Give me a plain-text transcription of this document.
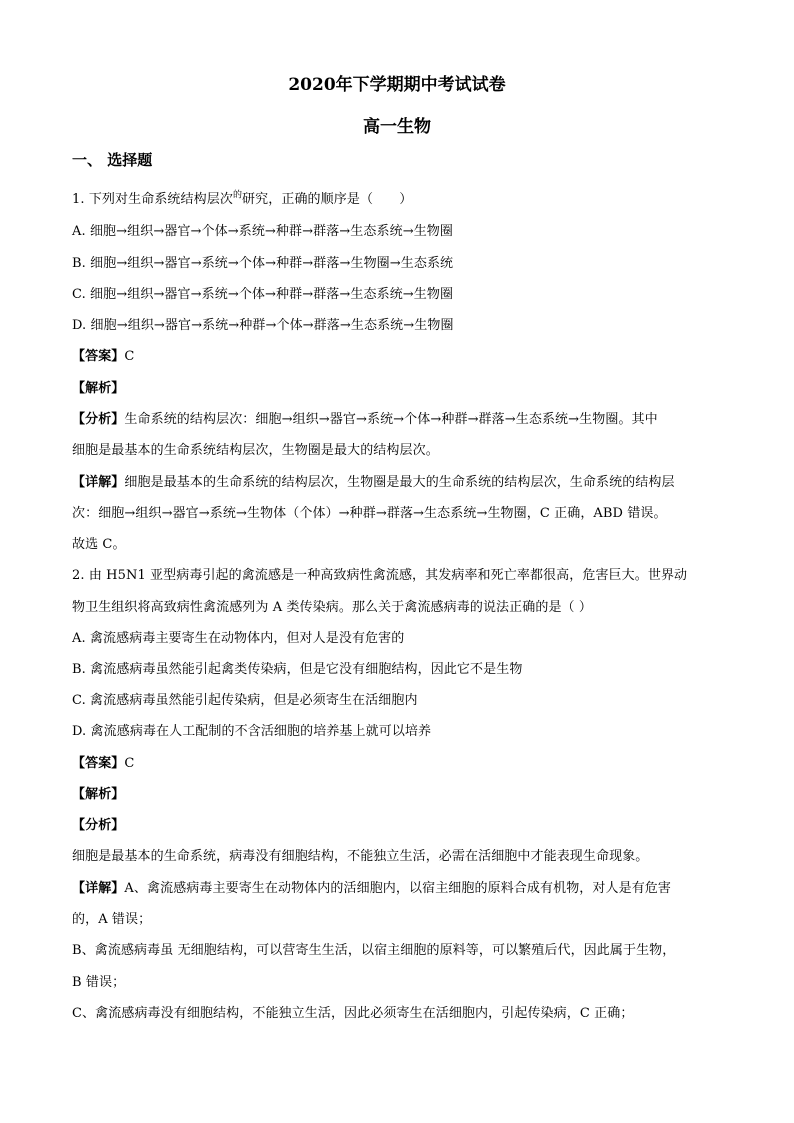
2020年下学期期中考试试卷
高一生物
一、 选择题
1. 下列对生命系统结构层次$^的$研究，正确的顺序是（　　）
A. 细胞→组织→器官→个体→系统→种群→群落→生态系统→生物圈
B. 细胞→组织→器官→系统→个体→种群→群落→生物圈→生态系统
C. 细胞→组织→器官→系统→个体→种群→群落→生态系统→生物圈
D. 细胞→组织→器官→系统→种群→个体→群落→生态系统→生物圈
【答案】C
【解析】
【分析】生命系统的结构层次：细胞→组织→器官→系统→个体→种群→群落→生态系统→生物圈。其中
细胞是最基本的生命系统结构层次，生物圈是最大的结构层次。
【详解】细胞是最基本的生命系统的结构层次，生物圈是最大的生命系统的结构层次，生命系统的结构层
次：细胞→组织→器官→系统→生物体（个体）→种群→群落→生态系统→生物圈，C 正确，ABD 错误。
故选 C。
2. 由 H5N1 亚型病毒引起的禽流感是一种高致病性禽流感，其发病率和死亡率都很高，危害巨大。世界动
物卫生组织将高致病性禽流感列为 A 类传染病。那么关于禽流感病毒的说法正确的是（ ）
A. 禽流感病毒主要寄生在动物体内，但对人是没有危害的
B. 禽流感病毒虽然能引起禽类传染病，但是它没有细胞结构，因此它不是生物
C. 禽流感病毒虽然能引起传染病，但是必须寄生在活细胞内
D. 禽流感病毒在人工配制的不含活细胞的培养基上就可以培养
【答案】C
【解析】
【分析】
细胞是最基本的生命系统，病毒没有细胞结构，不能独立生活，必需在活细胞中才能表现生命现象。
【详解】A、禽流感病毒主要寄生在动物体内的活细胞内，以宿主细胞的原料合成有机物，对人是有危害
的，A 错误；
B、禽流感病毒虽 无细胞结构，可以营寄生生活，以宿主细胞的原料等，可以繁殖后代，因此属于生物，
B 错误；
C、禽流感病毒没有细胞结构，不能独立生活，因此必须寄生在活细胞内，引起传染病，C 正确；
